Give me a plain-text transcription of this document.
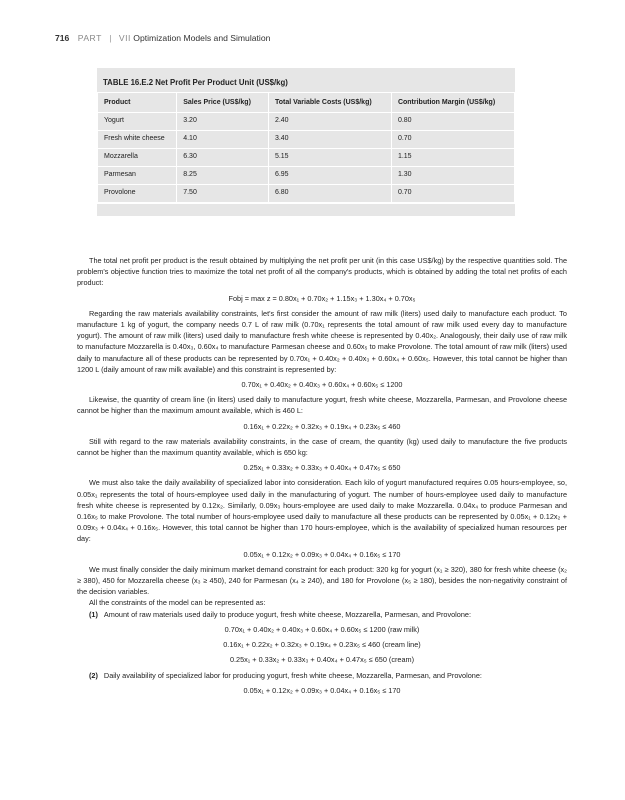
716 PART | VII Optimization Models and Simulation
TABLE 16.E.2 Net Profit Per Product Unit (US$/kg)
Product	Sales Price (US$/kg)	Total Variable Costs (US$/kg)	Contribution Margin (US$/kg)
Yogurt	3.20	2.40	0.80
Fresh white cheese	4.10	3.40	0.70
Mozzarella	6.30	5.15	1.15
Parmesan	8.25	6.95	1.30
Provolone	7.50	6.80	0.70

The total net profit per product is the result obtained by multiplying the net profit per unit (in this case US$/kg) by the respective quantities sold. The problem's objective function tries to maximize the total net profit of all the company's products, which is obtained by adding the total net profits of each product:

Fobj = max z = 0.80x₁ + 0.70x₂ + 1.15x₃ + 1.30x₄ + 0.70x₅

Regarding the raw materials availability constraints, let's first consider the amount of raw milk (liters) used daily to manufacture each product. To manufacture 1 kg of yogurt, the company needs 0.7 L of raw milk (0.70x₁ represents the total amount of raw milk used every day to manufacture yogurt). The amount of raw milk (liters) used daily to manufacture fresh white cheese is represented by 0.40x₂. Analogously, their daily use of raw milk to manufacture Mozzarella is 0.40x₃, 0.60x₄ to manufacture Parmesan cheese and 0.60x₅ to make Provolone. The total amount of raw milk (liters) used daily to manufacture all of these products can be represented by 0.70x₁ + 0.40x₂ + 0.40x₃ + 0.60x₄ + 0.60x₅. However, this total cannot be higher than 1200 L (daily amount of raw milk available) and this constraint is represented by:

0.70x₁ + 0.40x₂ + 0.40x₃ + 0.60x₄ + 0.60x₅ ≤ 1200

Likewise, the quantity of cream line (in liters) used daily to manufacture yogurt, fresh white cheese, Mozzarella, Parmesan, and Provolone cheese cannot be higher than the maximum amount available, which is 460 L:

0.16x₁ + 0.22x₂ + 0.32x₃ + 0.19x₄ + 0.23x₅ ≤ 460

Still with regard to the raw materials availability constraints, in the case of cream, the quantity (kg) used daily to manufacture the five products cannot be higher than the maximum quantity available, which is 650 kg:

0.25x₁ + 0.33x₂ + 0.33x₃ + 0.40x₄ + 0.47x₅ ≤ 650

We must also take the daily availability of specialized labor into consideration. Each kilo of yogurt manufactured requires 0.05 hours-employee, so, 0.05x₁ represents the total of hours-employee used daily in the manufacturing of yogurt. The number of hours-employee used daily to manufacture fresh white cheese is represented by 0.12x₂. Similarly, 0.09x₃ hours-employee are used daily to make Mozzarella. 0.04x₄ to produce Parmesan and 0.16x₅ to make Provolone. The total number of hours-employee used daily to manufacture all these products can be represented by 0.05x₁ + 0.12x₂ + 0.09x₃ + 0.04x₄ + 0.16x₅. However, this total cannot be higher than 170 hours-employee, which is the availability of specialized human resources per day:

0.05x₁ + 0.12x₂ + 0.09x₃ + 0.04x₄ + 0.16x₅ ≤ 170

We must finally consider the daily minimum market demand constraint for each product: 320 kg for yogurt (x₁ ≥ 320), 380 for fresh white cheese (x₂ ≥ 380), 450 for Mozzarella cheese (x₃ ≥ 450), 240 for Parmesan (x₄ ≥ 240), and 180 for Provolone (x₅ ≥ 180), besides the non-negativity constraint of the decision variables.

All the constraints of the model can be represented as:

(1) Amount of raw materials used daily to produce yogurt, fresh white cheese, Mozzarella, Parmesan, and Provolone:

0.70x₁ + 0.40x₂ + 0.40x₃ + 0.60x₄ + 0.60x₅ ≤ 1200 (raw milk)
0.16x₁ + 0.22x₂ + 0.32x₃ + 0.19x₄ + 0.23x₅ ≤ 460 (cream line)
0.25x₁ + 0.33x₂ + 0.33x₃ + 0.40x₄ + 0.47x₅ ≤ 650 (cream)

(2) Daily availability of specialized labor for producing yogurt, fresh white cheese, Mozzarella, Parmesan, and Provolone:

0.05x₁ + 0.12x₂ + 0.09x₃ + 0.04x₄ + 0.16x₅ ≤ 170
